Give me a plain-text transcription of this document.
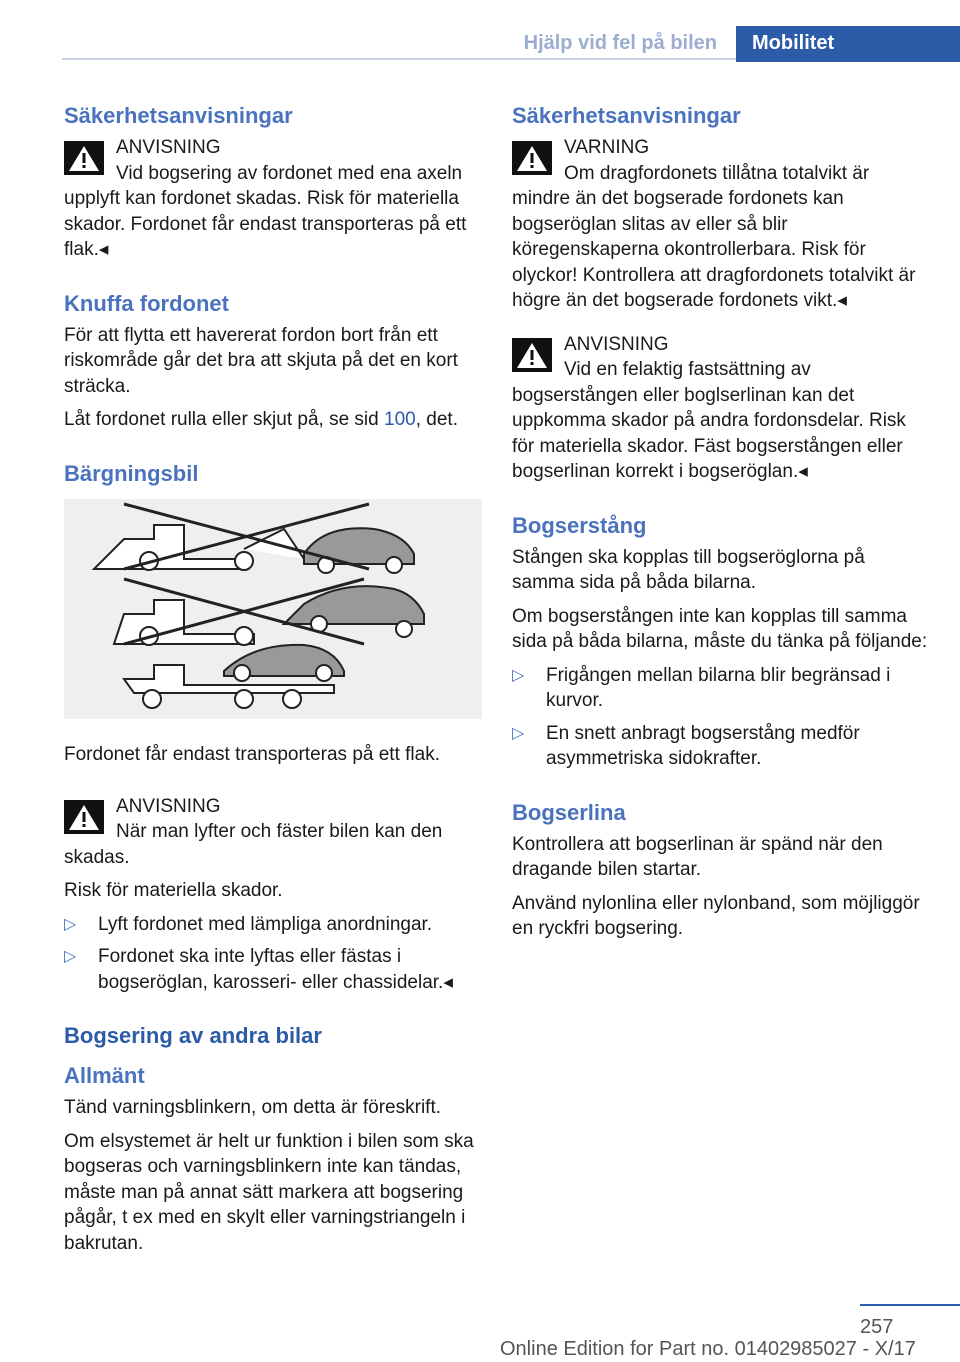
Hjälp vid fel på bilen	Mobilitet
Säkerhetsanvisningar
ANVISNING
Vid bogsering av fordonet med ena axeln upplyft kan fordonet skadas. Risk för materiella skador. Fordonet får endast transporteras på ett flak.◂
Knuffa fordonet

För att flytta ett havererat fordon bort från ett riskområde går det bra att skjuta på det en kort sträcka.

Låt fordonet rulla eller skjut på, se sid 100, det.

Bärgningsbil

Fordonet får endast transporteras på ett flak.

ANVISNING
När man lyfter och fäster bilen kan den skadas.

Risk för materiella skador.

▷ Lyft fordonet med lämpliga anordningar.
▷ Fordonet ska inte lyftas eller fästas i bogseröglan, karosseri- eller chassidelar.◂
Bogsering av andra bilar
Allmänt

Tänd varningsblinkern, om detta är föreskrift.

Om elsystemet är helt ur funktion i bilen som ska bogseras och varningsblinkern inte kan tändas, måste man på annat sätt markera att bogsering pågår, t ex med en skylt eller varningstriangeln i bakrutan.

Säkerhetsanvisningar
VARNING
Om dragfordonets tillåtna totalvikt är mindre än det bogserade fordonets kan bogseröglan slitas av eller så blir köregenskaperna okontrollerbara. Risk för olyckor! Kontrollera att dragfordonets totalvikt är högre än det bogserade fordonets vikt.◂
ANVISNING
Vid en felaktig fastsättning av bogserstången eller boglserlinan kan det uppkomma skador på andra fordonsdelar. Risk för materiella skador. Fäst bogserstången eller bogserlinan korrekt i bogseröglan.◂
Bogserstång

Stången ska kopplas till bogseröglorna på samma sida på båda bilarna.

Om bogserstången inte kan kopplas till samma sida på båda bilarna, måste du tänka på följande:

▷ Frigången mellan bilarna blir begränsad i kurvor.
▷ En snett anbragt bogserstång medför asymmetriska sidokrafter.
Bogserlina

Kontrollera att bogserlinan är spänd när den dragande bilen startar.

Använd nylonlina eller nylonband, som möjliggör en ryckfri bogsering.

257
Online Edition for Part no. 01402985027 - X/17
